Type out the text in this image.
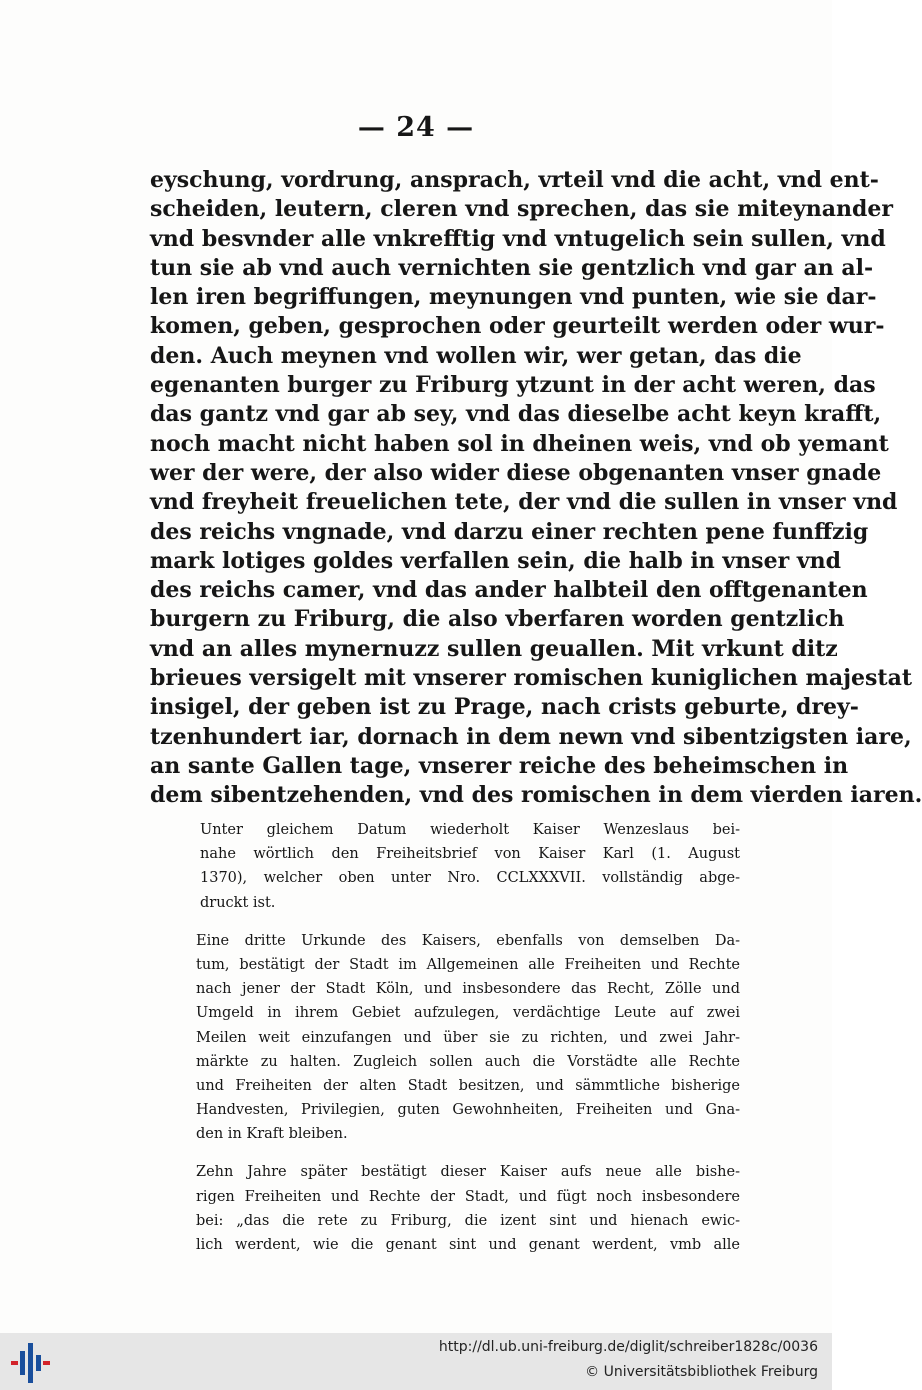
— 24 —
eyschung, vordrung, ansprach, vrteil vnd die acht, vnd ent-
scheiden, leutern, cleren vnd sprechen, das sie miteynander
vnd besvnder alle vnkrefftig vnd vntugelich sein sullen, vnd
tun sie ab vnd auch vernichten sie gentzlich vnd gar an al-
len iren begriffungen, meynungen vnd punten, wie sie dar-
komen, geben, gesprochen oder geurteilt werden oder wur-
den. Auch meynen vnd wollen wir, wer getan, das die
egenanten burger zu Friburg ytzunt in der acht weren, das
das gantz vnd gar ab sey, vnd das dieselbe acht keyn krafft,
noch macht nicht haben sol in dheinen weis, vnd ob yemant
wer der were, der also wider diese obgenanten vnser gnade
vnd freyheit freuelichen tete, der vnd die sullen in vnser vnd
des reichs vngnade, vnd darzu einer rechten pene funffzig
mark lotiges goldes verfallen sein, die halb in vnser vnd
des reichs camer, vnd das ander halbteil den offtgenanten
burgern zu Friburg, die also vberfaren worden gentzlich
vnd an alles mynernuzz sullen geuallen. Mit vrkunt ditz
brieues versigelt mit vnserer romischen kuniglichen majestat
insigel, der geben ist zu Prage, nach crists geburte, drey-
tzenhundert iar, dornach in dem newn vnd sibentzigsten iare,
an sante Gallen tage, vnserer reiche des beheimschen in
dem sibentzehenden, vnd des romischen in dem vierden iaren.
Unter gleichem Datum wiederholt Kaiser Wenzeslaus bei-
nahe wörtlich den Freiheitsbrief von Kaiser Karl (1. August
1370), welcher oben unter Nro. CCLXXXVII. vollständig abge-
druckt ist.
Eine dritte Urkunde des Kaisers, ebenfalls von demselben Da-
tum, bestätigt der Stadt im Allgemeinen alle Freiheiten und Rechte
nach jener der Stadt Köln, und insbesondere das Recht, Zölle und
Umgeld in ihrem Gebiet aufzulegen, verdächtige Leute auf zwei
Meilen weit einzufangen und über sie zu richten, und zwei Jahr-
märkte zu halten. Zugleich sollen auch die Vorstädte alle Rechte
und Freiheiten der alten Stadt besitzen, und sämmtliche bisherige
Handvesten, Privilegien, guten Gewohnheiten, Freiheiten und Gna-
den in Kraft bleiben.
Zehn Jahre später bestätigt dieser Kaiser aufs neue alle bishe-
rigen Freiheiten und Rechte der Stadt, und fügt noch insbesondere
bei: „das die rete zu Friburg, die izent sint und hienach ewic-
lich werdent, wie die genant sint und genant werdent, vmb alle
http://dl.ub.uni-freiburg.de/diglit/schreiber1828c/0036
© Universitätsbibliothek Freiburg
